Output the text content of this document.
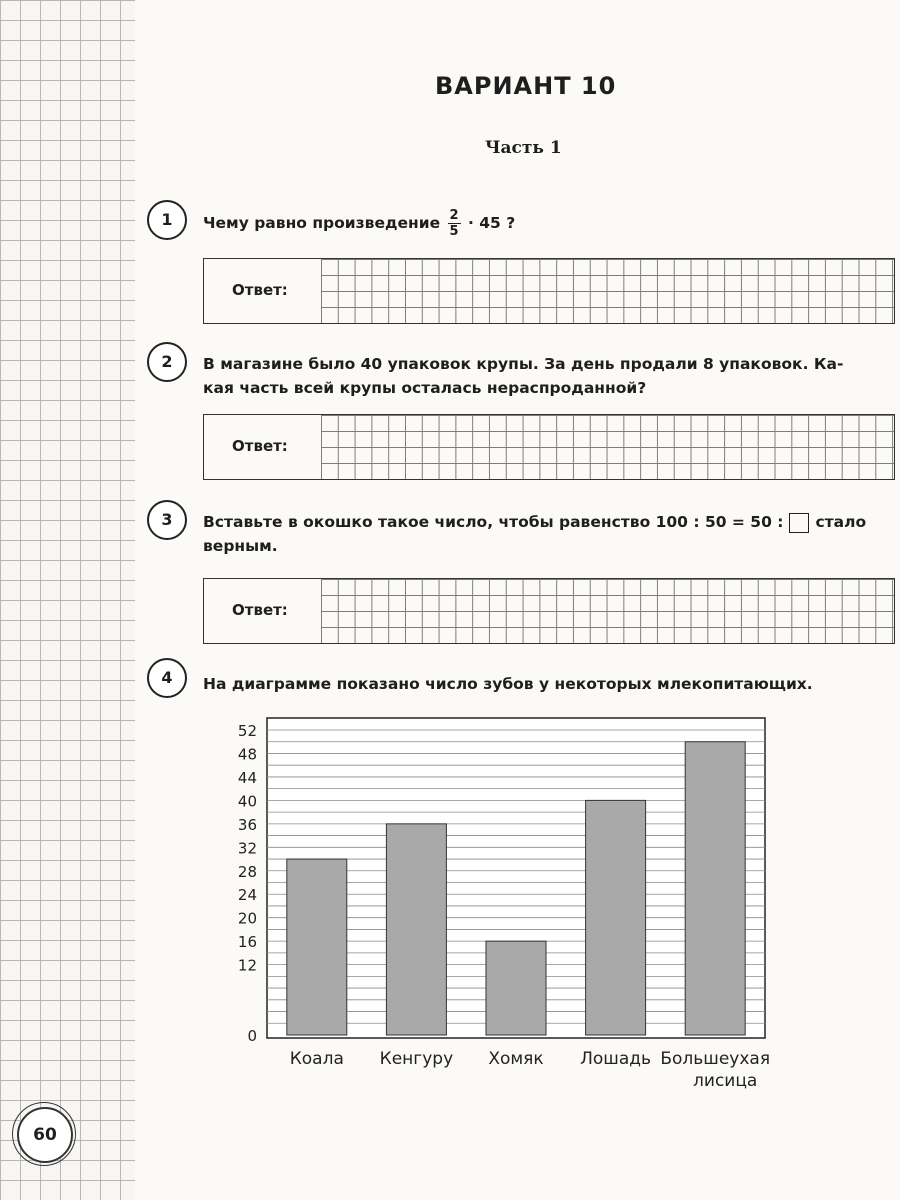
60
ВАРИАНТ 10
Часть 1
1	Чему равно произведение $\frac{2}{5} \cdot 45$ ?
Ответ:
2	В магазине было 40 упаковок крупы. За день продали 8 упаковок. Ка-
кая часть всей крупы осталась нераспроданной?
Ответ:
3	Вставьте в окошко такое число, чтобы равенство 100 : 50 = 50 : стало
верным.
Ответ:
4	На диаграмме показано число зубов у некоторых млекопитающих.
0
12
16
20
24
28
32
36
40
44
48
52
Коала Кенгуру Хомяк Лошадь Большеухая
лисица
